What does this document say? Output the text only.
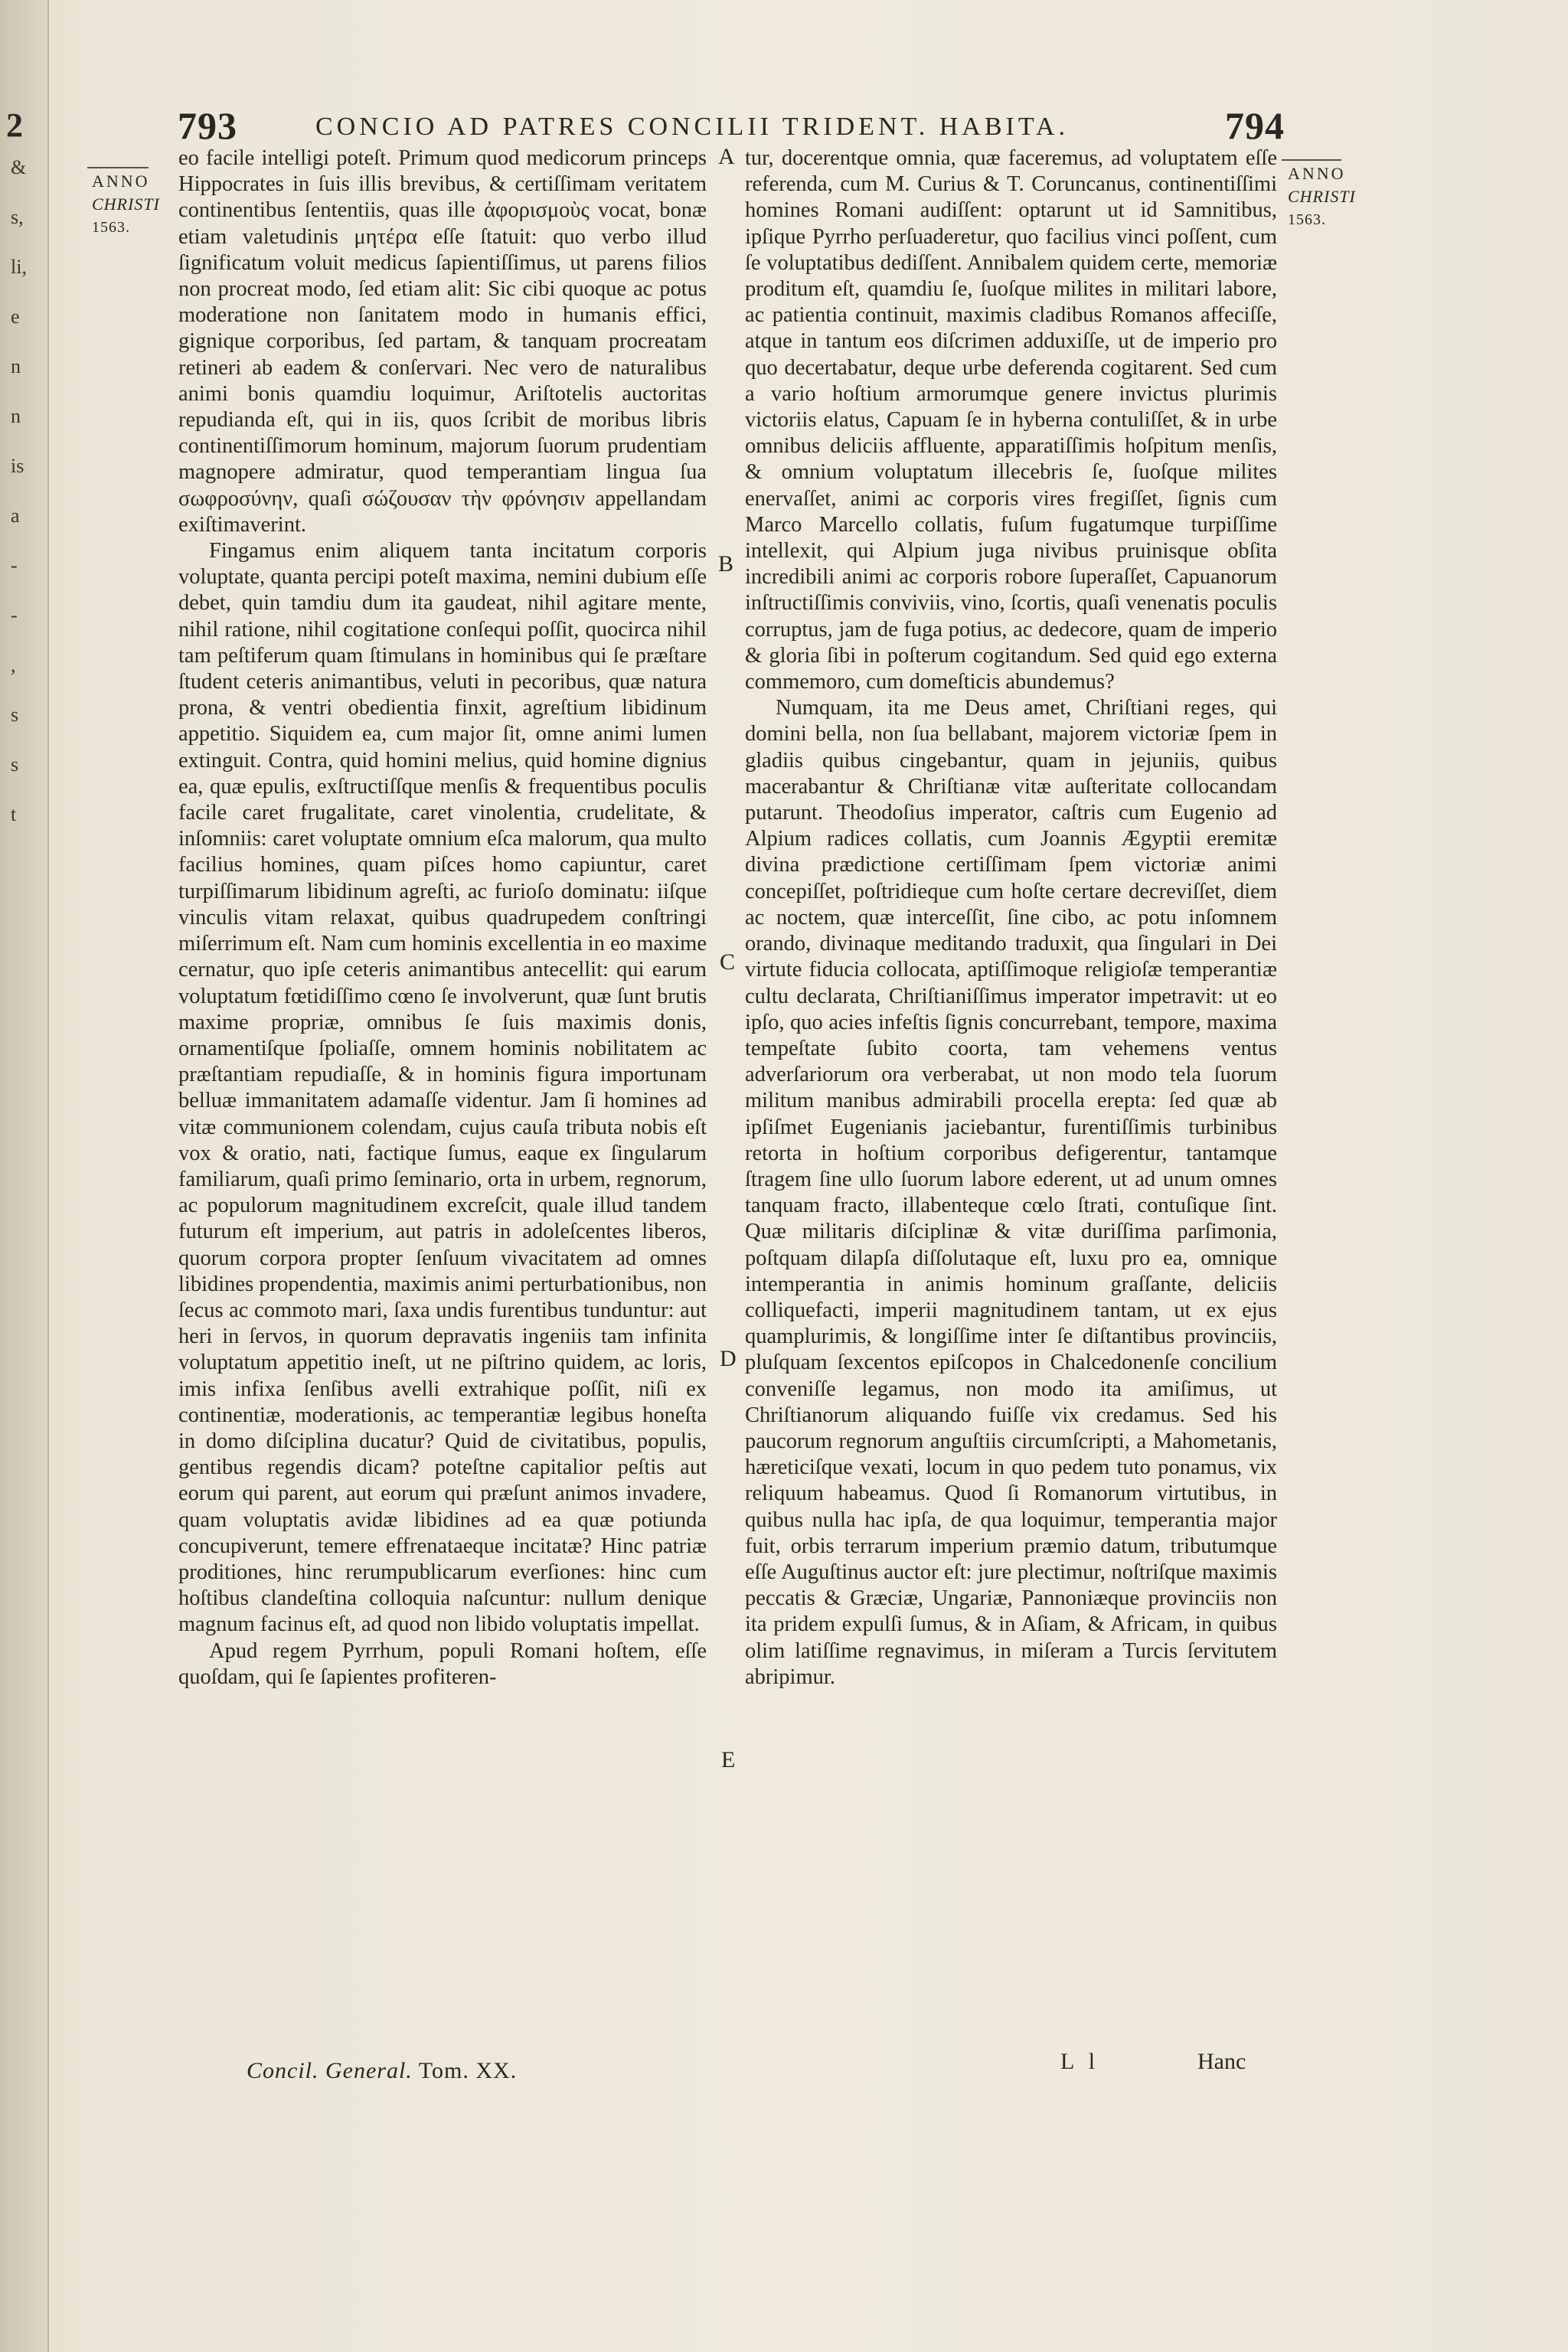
2
&
s,
li,
e
n
n
is
a
-
-
,
s
s
t
793	CONCIO AD PATRES CONCILII TRIDENT. HABITA.	794
ANNO
CHRISTI
1563.
ANNO
CHRISTI
1563.

eo facile intelligi poteſt. Primum quod medicorum princeps Hippocrates in ſuis illis brevibus, & certiſſimam veritatem continentibus ſententiis, quas ille ἀφορισμοὺς vocat, bonæ etiam valetudinis μητέρα eſſe ſtatuit: quo verbo illud ſignificatum voluit medicus ſapientiſſimus, ut parens filios non procreat modo, ſed etiam alit: Sic cibi quoque ac potus moderatione non ſanitatem modo in humanis effici, gignique corporibus, ſed partam, & tanquam procreatam retineri ab eadem & conſervari. Nec vero de naturalibus animi bonis quamdiu loquimur, Ariſtotelis auctoritas repudianda eſt, qui in iis, quos ſcribit de moribus libris continentiſſimorum hominum, majorum ſuorum prudentiam magnopere admiratur, quod temperantiam lingua ſua σωφροσύνην, quaſi σώζουσαν τὴν φρόνησιν appellandam exiſtimaverint.

Fingamus enim aliquem tanta incitatum corporis voluptate, quanta percipi poteſt maxima, nemini dubium eſſe debet, quin tamdiu dum ita gaudeat, nihil agitare mente, nihil ratione, nihil cogitatione conſequi poſſit, quocirca nihil tam peſtiferum quam ſtimulans in hominibus qui ſe præſtare ſtudent ceteris animantibus, veluti in pecoribus, quæ natura prona, & ventri obedientia finxit, agreſtium libidinum appetitio. Siquidem ea, cum major ſit, omne animi lumen extinguit. Contra, quid homini melius, quid homine dignius ea, quæ epulis, exſtructiſſque menſis & frequentibus poculis facile caret frugalitate, caret vinolentia, crudelitate, & inſomniis: caret voluptate omnium eſca malorum, qua multo facilius homines, quam piſces homo capiuntur, caret turpiſſimarum libidinum agreſti, ac furioſo dominatu: iiſque vinculis vitam relaxat, quibus quadrupedem conſtringi miſerrimum eſt. Nam cum hominis excellentia in eo maxime cernatur, quo ipſe ceteris animantibus antecellit: qui earum voluptatum fœtidiſſimo cœno ſe involverunt, quæ ſunt brutis maxime propriæ, omnibus ſe ſuis maximis donis, ornamentiſque ſpoliaſſe, omnem hominis nobilitatem ac præſtantiam repudiaſſe, & in hominis figura importunam belluæ immanitatem adamaſſe videntur. Jam ſi homines ad vitæ communionem colendam, cujus cauſa tributa nobis eſt vox & oratio, nati, factique ſumus, eaque ex ſingularum familiarum, quaſi primo ſeminario, orta in urbem, regnorum, ac populorum magnitudinem excreſcit, quale illud tandem futurum eſt imperium, aut patris in adoleſcentes liberos, quorum corpora propter ſenſuum vivacitatem ad omnes libidines propendentia, maximis animi perturbationibus, non ſecus ac commoto mari, ſaxa undis furentibus tunduntur: aut heri in ſervos, in quorum depravatis ingeniis tam infinita voluptatum appetitio ineſt, ut ne piſtrino quidem, ac loris, imis infixa ſenſibus avelli extrahique poſſit, niſi ex continentiæ, moderationis, ac temperantiæ legibus honeſta in domo diſciplina ducatur? Quid de civitatibus, populis, gentibus regendis dicam? poteſtne capitalior peſtis aut eorum qui parent, aut eorum qui præſunt animos invadere, quam voluptatis avidæ libidines ad ea quæ potiunda concupiverunt, temere effrenataeque incitatæ? Hinc patriæ proditiones, hinc rerumpublicarum everſiones: hinc cum hoſtibus clandeſtina colloquia naſcuntur: nullum denique magnum facinus eſt, ad quod non libido voluptatis impellat.

Apud regem Pyrrhum, populi Romani hoſtem, eſſe quoſdam, qui ſe ſapientes profiteren-

tur, docerentque omnia, quæ faceremus, ad voluptatem eſſe referenda, cum M. Curius & T. Coruncanus, continentiſſimi homines Romani audiſſent: optarunt ut id Samnitibus, ipſique Pyrrho perſuaderetur, quo facilius vinci poſſent, cum ſe voluptatibus dediſſent. Annibalem quidem certe, memoriæ proditum eſt, quamdiu ſe, ſuoſque milites in militari labore, ac patientia continuit, maximis cladibus Romanos affeciſſe, atque in tantum eos diſcrimen adduxiſſe, ut de imperio pro quo decertabatur, deque urbe deferenda cogitarent. Sed cum a vario hoſtium armorumque genere invictus plurimis victoriis elatus, Capuam ſe in hyberna contuliſſet, & in urbe omnibus deliciis affluente, apparatiſſimis hoſpitum menſis, & omnium voluptatum illecebris ſe, ſuoſque milites enervaſſet, animi ac corporis vires fregiſſet, ſignis cum Marco Marcello collatis, fuſum fugatumque turpiſſime intellexit, qui Alpium juga nivibus pruinisque obſita incredibili animi ac corporis robore ſuperaſſet, Capuanorum inſtructiſſimis conviviis, vino, ſcortis, quaſi venenatis poculis corruptus, jam de fuga potius, ac dedecore, quam de imperio & gloria ſibi in poſterum cogitandum. Sed quid ego externa commemoro, cum domeſticis abundemus?

Numquam, ita me Deus amet, Chriſtiani reges, qui domini bella, non ſua bellabant, majorem victoriæ ſpem in gladiis quibus cingebantur, quam in jejuniis, quibus macerabantur & Chriſtianæ vitæ auſteritate collocandam putarunt. Theodoſius imperator, caſtris cum Eugenio ad Alpium radices collatis, cum Joannis Ægyptii eremitæ divina prædictione certiſſimam ſpem victoriæ animi concepiſſet, poſtridieque cum hoſte certare decreviſſet, diem ac noctem, quæ interceſſit, ſine cibo, ac potu inſomnem orando, divinaque meditando traduxit, qua ſingulari in Dei virtute fiducia collocata, aptiſſimoque religioſæ temperantiæ cultu declarata, Chriſtianiſſimus imperator impetravit: ut eo ipſo, quo acies infeſtis ſignis concurrebant, tempore, maxima tempeſtate ſubito coorta, tam vehemens ventus adverſariorum ora verberabat, ut non modo tela ſuorum militum manibus admirabili procella erepta: ſed quæ ab ipſiſmet Eugenianis jaciebantur, furentiſſimis turbinibus retorta in hoſtium corporibus defigerentur, tantamque ſtragem ſine ullo ſuorum labore ederent, ut ad unum omnes tanquam fracto, illabenteque cœlo ſtrati, contuſique ſint. Quæ militaris diſciplinæ & vitæ duriſſima parſimonia, poſtquam dilapſa diſſolutaque eſt, luxu pro ea, omnique intemperantia in animis hominum graſſante, deliciis colliquefacti, imperii magnitudinem tantam, ut ex ejus quamplurimis, & longiſſime inter ſe diſtantibus provinciis, pluſquam ſexcentos epiſcopos in Chalcedonenſe concilium conveniſſe legamus, non modo ita amiſimus, ut Chriſtianorum aliquando fuiſſe vix credamus. Sed his paucorum regnorum anguſtiis circumſcripti, a Mahometanis, hæreticiſque vexati, locum in quo pedem tuto ponamus, vix reliquum habeamus. Quod ſi Romanorum virtutibus, in quibus nulla hac ipſa, de qua loquimur, temperantia major fuit, orbis terrarum imperium præmio datum, tributumque eſſe Auguſtinus auctor eſt: jure plectimur, noſtriſque maximis peccatis & Græciæ, Ungariæ, Pannoniæque provinciis non ita pridem expulſi ſumus, & in Aſiam, & Africam, in quibus olim latiſſime regnavimus, in miſeram a Turcis ſervitutem abripimur.

A
B
C
D
E
Concil. General. Tom. XX.	L l	Hanc
